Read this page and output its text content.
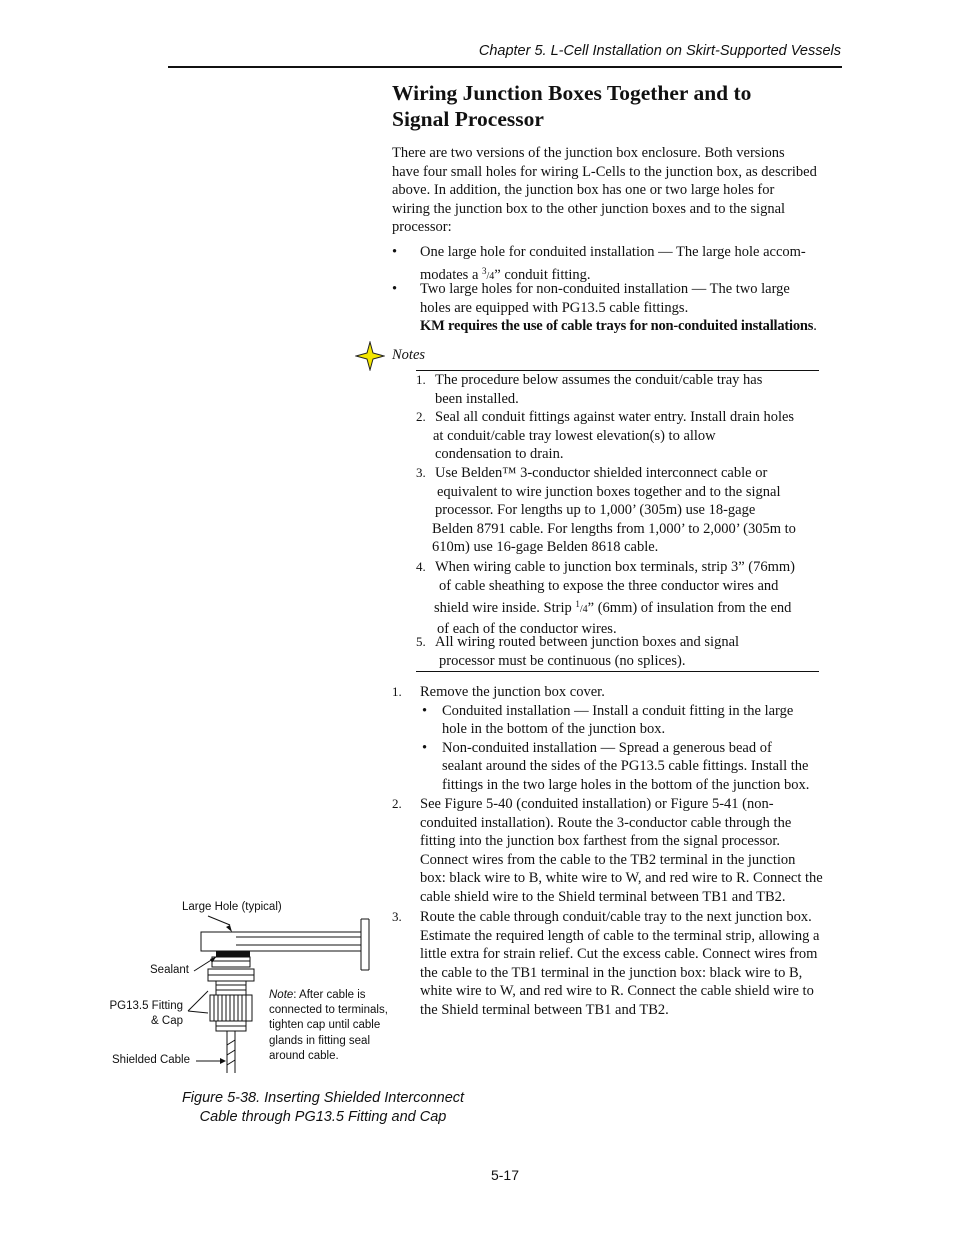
Chapter 5. L-Cell Installation on Skirt-Supported Vessels
Wiring Junction Boxes Together and to
Signal Processor
There are two versions of the junction box enclosure. Both versions
have four small holes for wiring L-Cells to the junction box, as described
above. In addition, the junction box has one or two large holes for
wiring the junction box to the other junction boxes and to the signal
processor:
• One large hole for conduited installation — The large hole accom-
modates a $^3$/4” conduit fitting.
• Two large holes for non-conduited installation — The two large
holes are equipped with PG13.5 cable fittings.
KM requires the use of cable trays for non-conduited installations.
Notes
1. The procedure below assumes the conduit/cable tray has
been installed.
2. Seal all conduit fittings against water entry. Install drain holes
at conduit/cable tray lowest elevation(s) to allow
condensation to drain.
3. Use Belden™ 3-conductor shielded interconnect cable or
equivalent to wire junction boxes together and to the signal
processor. For lengths up to 1,000’ (305m) use 18-gage
Belden 8791 cable. For lengths from 1,000’ to 2,000’ (305m to
610m) use 16-gage Belden 8618 cable.
4. When wiring cable to junction box terminals, strip 3” (76mm)
of cable sheathing to expose the three conductor wires and
shield wire inside. Strip $^1$/4” (6mm) of insulation from the end
of each of the conductor wires.
5. All wiring routed between junction boxes and signal
processor must be continuous (no splices).
1. Remove the junction box cover.
• Conduited installation — Install a conduit fitting in the large
hole in the bottom of the junction box.
• Non-conduited installation — Spread a generous bead of
sealant around the sides of the PG13.5 cable fittings. Install the
fittings in the two large holes in the bottom of the junction box.
2. See Figure 5-40 (conduited installation) or Figure 5-41 (non-
conduited installation). Route the 3-conductor cable through the
fitting into the junction box farthest from the signal processor.
Connect wires from the cable to the TB2 terminal in the junction
box: black wire to B, white wire to W, and red wire to R. Connect the
cable shield wire to the Shield terminal between TB1 and TB2.
3. Route the cable through conduit/cable tray to the next junction box.
Estimate the required length of cable to the terminal strip, allowing a
little extra for strain relief. Cut the excess cable. Connect wires from
the cable to the TB1 terminal in the junction box: black wire to B,
white wire to W, and red wire to R. Connect the cable shield wire to
the Shield terminal between TB1 and TB2.
Large Hole (typical)
Sealant
PG13.5 Fitting
& Cap
Shielded Cable
Note: After cable is
connected to terminals,
tighten cap until cable
glands in fitting seal
around cable.
Figure 5-38. Inserting Shielded Interconnect
Cable through PG13.5 Fitting and Cap
5-17
